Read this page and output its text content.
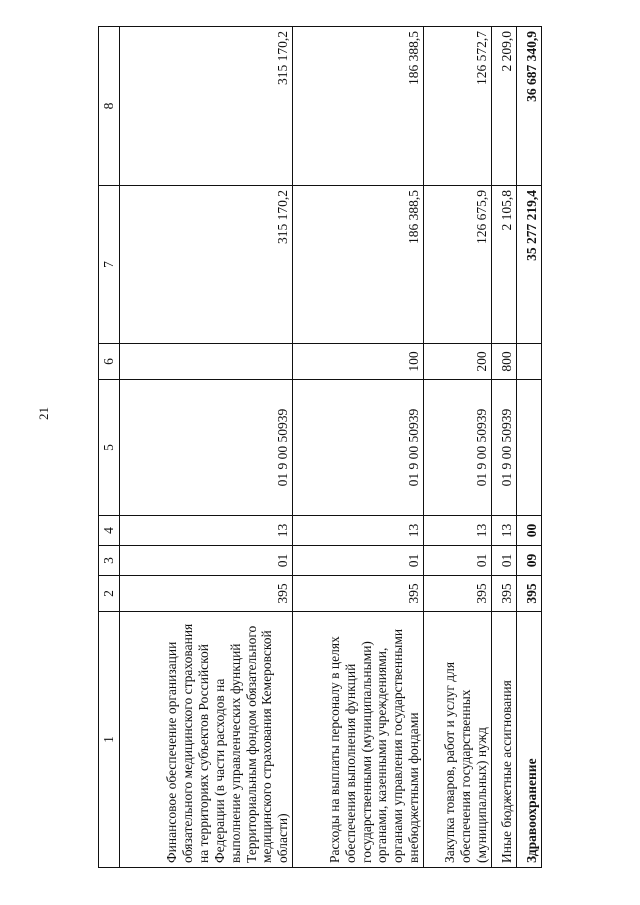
21
1	2	3	4	5	6	7	8
Финансовое обеспечение организации обязательного медицинского страхования на территориях субъектов Российской Федерации (в части расходов на выполнение управленческих функций Территориальным фондом обязательного медицинского страхования Кемеровской области)	395	01	13	01 9 00 50939		315 170,2	315 170,2
Расходы на выплаты персоналу в целях обеспечения выполнения функций государственными (муниципальными) органами, казенными учреждениями, органами управления государственными внебюджетными фондами	395	01	13	01 9 00 50939	100	186 388,5	186 388,5
Закупка товаров, работ и услуг для обеспечения государственных (муниципальных) нужд	395	01	13	01 9 00 50939	200	126 675,9	126 572,7
Иные бюджетные ассигнования	395	01	13	01 9 00 50939	800	2 105,8	2 209,0
Здравоохранение	395	09	00			35 277 219,4	36 687 340,9
